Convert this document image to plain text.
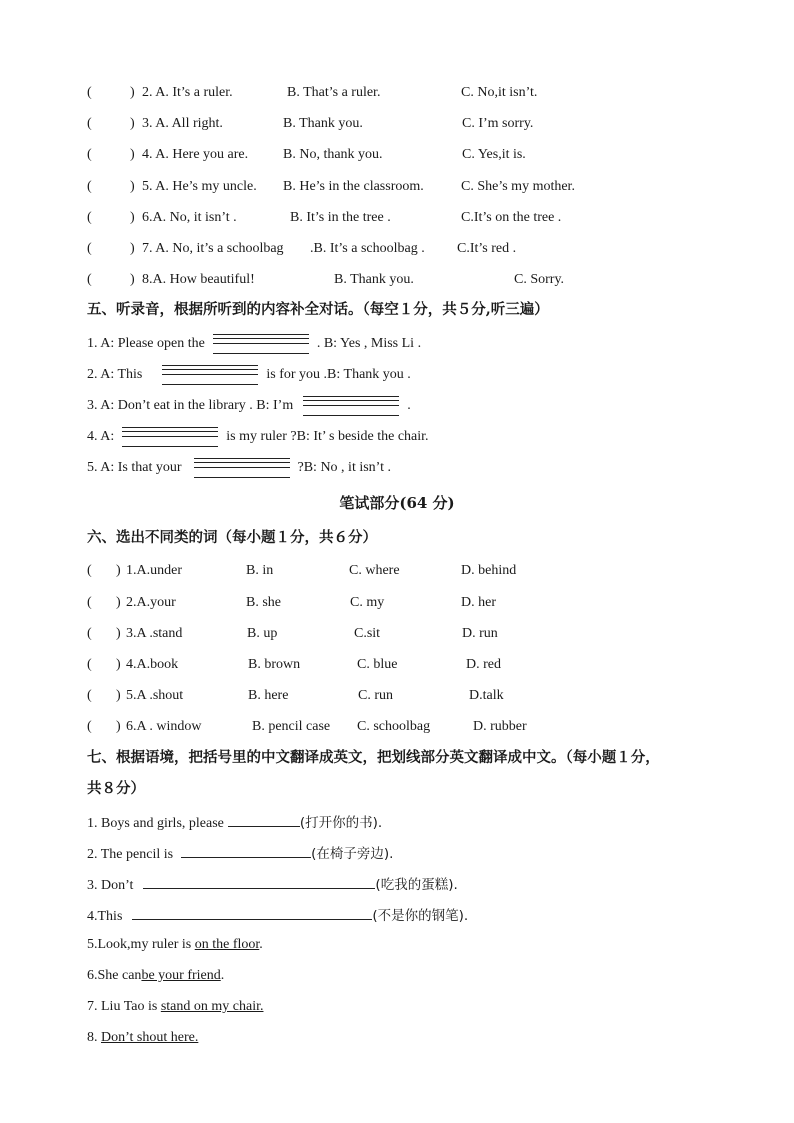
(	) 2. A. It’s a ruler.	B. That’s a ruler.	C. No,it isn’t.
(	) 3. A. All right.	B. Thank you.	C. I’m sorry.
(	) 4. A. Here you are. B. No, thank you.	C. Yes,it is.
(	) 5. A. He’s my uncle. B. He’s in the classroom.	C. She’s my mother.
(	) 6.A. No, it isn’t .	B. It’s in the tree .	C.It’s on the tree .
(	) 7. A. No, it’s a schoolbag .B. It’s a schoolbag . C.It’s red .
(	) 8.A. How beautiful!	B. Thank you.	C. Sorry.
五、听录音，根据所听到的内容补全对话。（每空１分，共５分,听三遍）
1. A: Please open the	. B: Yes , Miss Li .
2. A: This	is for you .B: Thank you .
3. A: Don’t eat in the library . B: I’m	.
4. A:	is my ruler ?B: It’ s beside the chair.
5. A: Is that your	?B: No , it isn’t .
笔试部分(64 分)
六、选出不同类的词（每小题１分，共６分）
( ) 1.A.under	B. in	C. where	D. behind
( ) 2.A.your	B. she	C. my	D. her
( ) 3.A .stand	B. up	C.sit	D. run
( ) 4.A.book	B. brown	C. blue	D. red
( ) 5.A .shout	B. here	C. run	D.talk
( ) 6.A . window	B. pencil case C. schoolbag	D. rubber
七、根据语境，把括号里的中文翻译成英文，把划线部分英文翻译成中文。（每小题１分，
共８分）
1. Boys and girls, please	(打开你的书).
2. The pencil is	(在椅子旁边).
3. Don’t	(吃我的蛋糕).
4.This	(不是你的钢笔).
5.Look,my ruler is on the floor.
6.She canbe your friend.
7. Liu Tao is stand on my chair.
8. Don’t shout here.
